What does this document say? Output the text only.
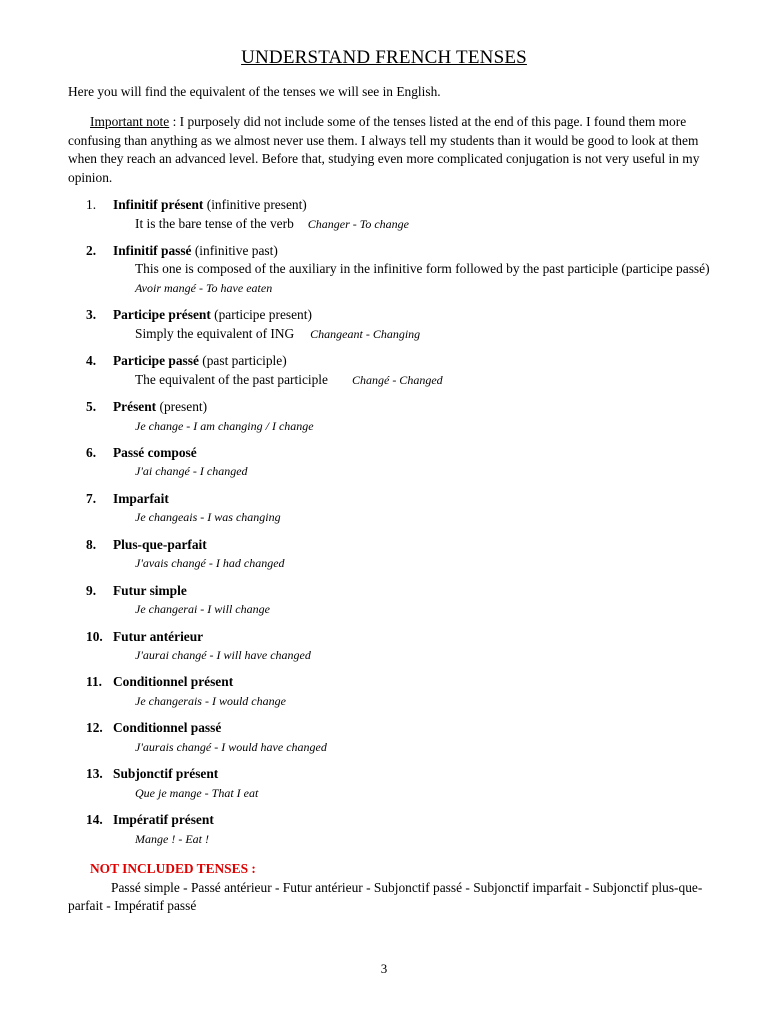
UNDERSTAND FRENCH TENSES
Here you will find the equivalent of the tenses we will see in English.
Important note : I purposely did not include some of the tenses listed at the end of this page. I found them more confusing than anything as we almost never use them. I always tell my students than it would be good to look at them when they reach an advanced level. Before that, studying even more complicated conjugation is not very useful in my opinion.
1.	Infinitif présent (infinitive present)
It is the bare tense of the verb Changer - To change
2.	Infinitif passé (infinitive past)
This one is composed of the auxiliary in the infinitive form followed by the past participle (participe passé)
Avoir mangé - To have eaten
3.	Participe présent (participe present)
Simply the equivalent of ING Changeant - Changing
4.	Participe passé (past participle)
The equivalent of the past participle Changé - Changed
5.	Présent (present)
Je change - I am changing / I change
6.	Passé composé
J'ai changé - I changed
7.	Imparfait
Je changeais - I was changing
8.	Plus-que-parfait
J'avais changé - I had changed
9.	Futur simple
Je changerai - I will change
10. Futur antérieur
J'aurai changé - I will have changed
11. Conditionnel présent
Je changerais - I would change
12. Conditionnel passé
J'aurais changé - I would have changed
13. Subjonctif présent
Que je mange - That I eat
14. Impératif présent
Mange ! - Eat !
NOT INCLUDED TENSES :
Passé simple - Passé antérieur - Futur antérieur - Subjonctif passé - Subjonctif imparfait - Subjonctif plus-que-parfait - Impératif passé
3
